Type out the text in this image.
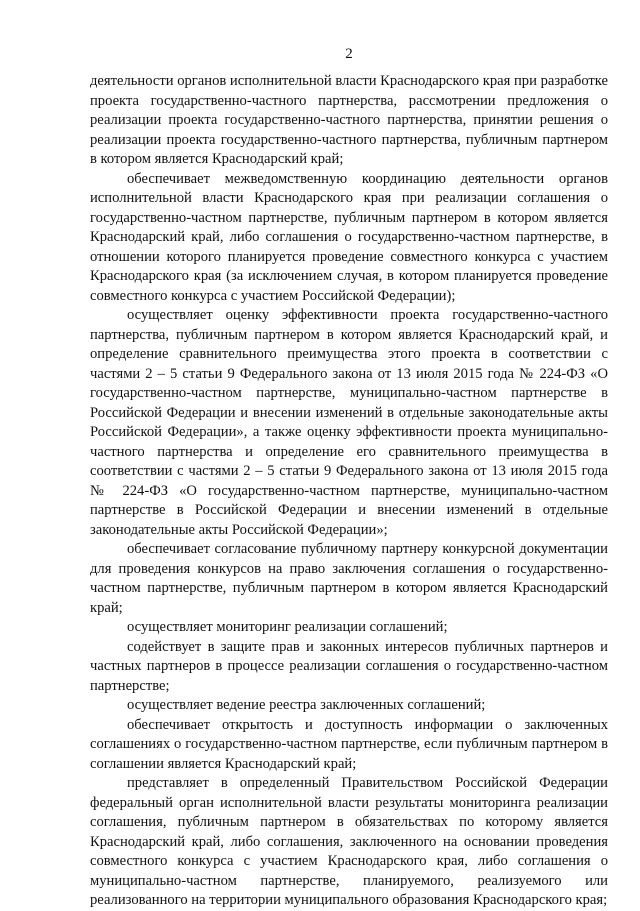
2

деятельности органов исполнительной власти Краснодарского края при разработке проекта государственно-частного партнерства, рассмотрении предложения о реализации проекта государственно-частного партнерства, принятии решения о реализации проекта государственно-частного партнерства, публичным партнером в котором является Краснодарский край;

обеспечивает межведомственную координацию деятельности органов исполнительной власти Краснодарского края при реализации соглашения о государственно-частном партнерстве, публичным партнером в котором является Краснодарский край, либо соглашения о государственно-частном партнерстве, в отношении которого планируется проведение совместного конкурса с участием Краснодарского края (за исключением случая, в котором планируется проведение совместного конкурса с участием Российской Федерации);

осуществляет оценку эффективности проекта государственно-частного партнерства, публичным партнером в котором является Краснодарский край, и определение сравнительного преимущества этого проекта в соответствии с частями 2 – 5 статьи 9 Федерального закона от 13 июля 2015 года № 224-ФЗ «О государственно-частном партнерстве, муниципально-частном партнерстве в Российской Федерации и внесении изменений в отдельные законодательные акты Российской Федерации», а также оценку эффективности проекта муниципально-частного партнерства и определение его сравнительного преимущества в соответствии с частями 2 – 5 статьи 9 Федерального закона от 13 июля 2015 года № 224-ФЗ «О государственно-частном партнерстве, муниципально-частном партнерстве в Российской Федерации и внесении изменений в отдельные законодательные акты Российской Федерации»;

обеспечивает согласование публичному партнеру конкурсной документации для проведения конкурсов на право заключения соглашения о государственно-частном партнерстве, публичным партнером в котором является Краснодарский край;

осуществляет мониторинг реализации соглашений;

содействует в защите прав и законных интересов публичных партнеров и частных партнеров в процессе реализации соглашения о государственно-частном партнерстве;

осуществляет ведение реестра заключенных соглашений;

обеспечивает открытость и доступность информации о заключенных соглашениях о государственно-частном партнерстве, если публичным партнером в соглашении является Краснодарский край;

представляет в определенный Правительством Российской Федерации федеральный орган исполнительной власти результаты мониторинга реализации соглашения, публичным партнером в обязательствах по которому является Краснодарский край, либо соглашения, заключенного на основании проведения совместного конкурса с участием Краснодарского края, либо соглашения о муниципально-частном партнерстве, планируемого, реализуемого или реализованного на территории муниципального образования Краснодарского края;
